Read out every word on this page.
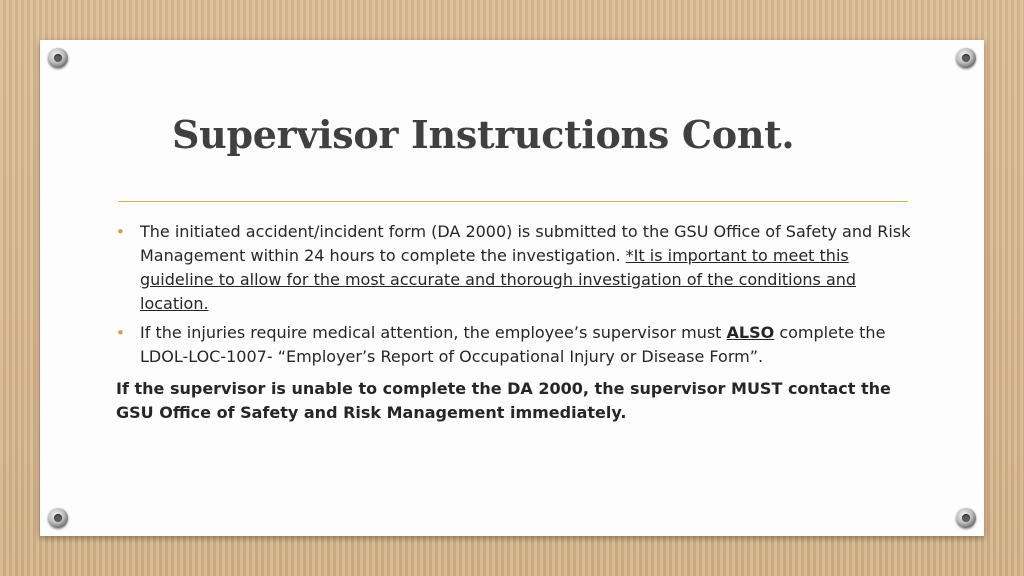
Supervisor Instructions Cont.

• The initiated accident/incident form (DA 2000) is submitted to the GSU Office of Safety and Risk Management within 24 hours to complete the investigation. *It is important to meet this guideline to allow for the most accurate and thorough investigation of the conditions and location.

• If the injuries require medical attention, the employee’s supervisor must ALSO complete the LDOL-LOC-1007- “Employer’s Report of Occupational Injury or Disease Form”.

If the supervisor is unable to complete the DA 2000, the supervisor MUST contact the GSU Office of Safety and Risk Management immediately.
